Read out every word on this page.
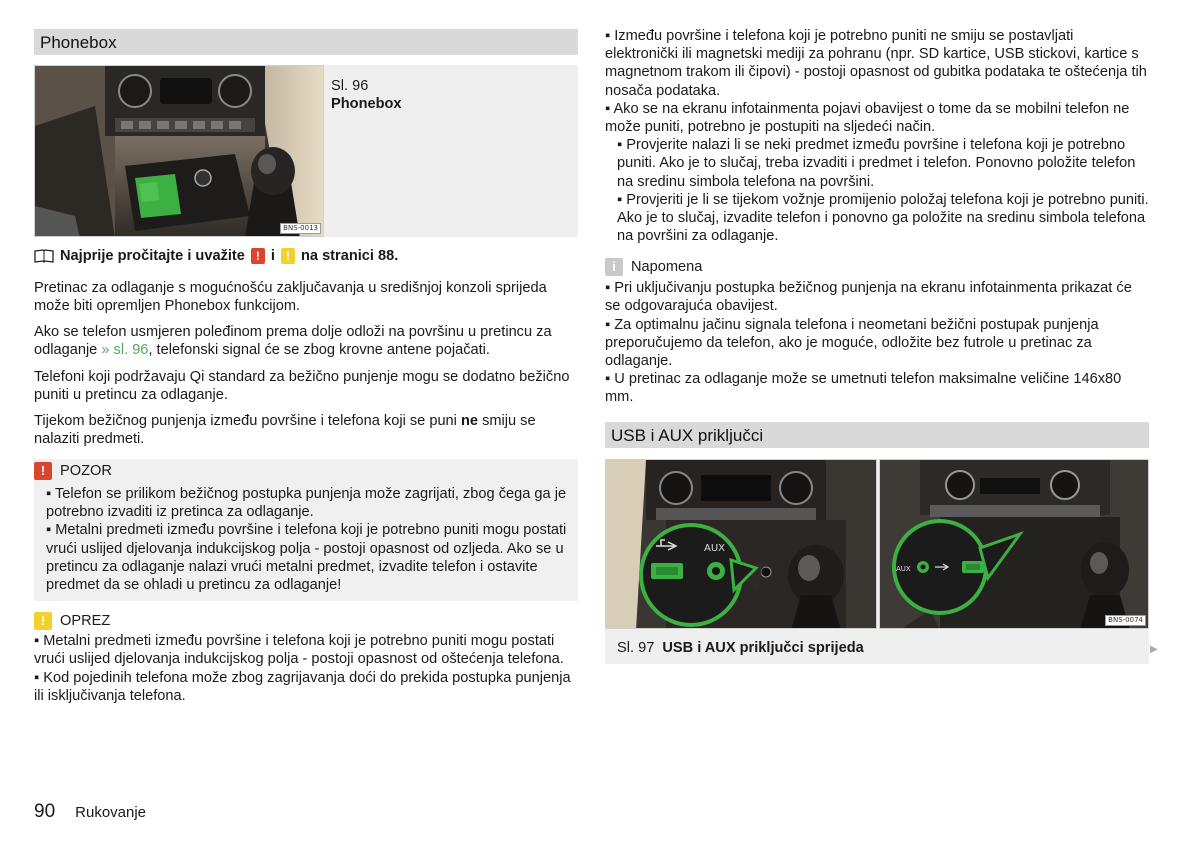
Phonebox
BNS-0013
Sl. 96
Phonebox
Najprije pročitajte i uvažite ! i ! na stranici 88.

Pretinac za odlaganje s mogućnošću zaključavanja u središnjoj konzoli sprijeda može biti opremljen Phonebox funkcijom.

Ako se telefon usmjeren poleđinom prema dolje odloži na površinu u pretincu za odlaganje » sl. 96, telefonski signal će se zbog krovne antene pojačati.

Telefoni koji podržavaju Qi standard za bežično punjenje mogu se dodatno bežično puniti u pretincu za odlaganje.

Tijekom bežičnog punjenja između površine i telefona koji se puni ne smiju se nalaziti predmeti.

!	POZOR
▪ Telefon se prilikom bežičnog postupka punjenja može zagrijati, zbog čega ga je potrebno izvaditi iz pretinca za odlaganje.
▪ Metalni predmeti između površine i telefona koji je potrebno puniti mogu postati vrući uslijed djelovanja indukcijskog polja - postoji opasnost od ozljeda. Ako se u pretincu za odlaganje nalazi vrući metalni predmet, izvadite telefon i ostavite predmet da se ohladi u pretincu za odlaganje!
!	OPREZ
▪ Metalni predmeti između površine i telefona koji je potrebno puniti mogu postati vrući uslijed djelovanja indukcijskog polja - postoji opasnost od oštećenja telefona.
▪ Kod pojedinih telefona može zbog zagrijavanja doći do prekida postupka punjenja ili isključivanja telefona.
▪ Između površine i telefona koji je potrebno puniti ne smiju se postavljati elektronički ili magnetski mediji za pohranu (npr. SD kartice, USB stickovi, kartice s magnetnom trakom ili čipovi) - postoji opasnost od gubitka podataka te oštećenja tih nosača podataka.
▪ Ako se na ekranu infotainmenta pojavi obavijest o tome da se mobilni telefon ne može puniti, potrebno je postupiti na sljedeći način.
▪ Provjerite nalazi li se neki predmet između površine i telefona koji je potrebno puniti. Ako je to slučaj, treba izvaditi i predmet i telefon. Ponovno položite telefon na sredinu simbola telefona na površini.
▪ Provjeriti je li se tijekom vožnje promijenio položaj telefona koji je potrebno puniti. Ako je to slučaj, izvadite telefon i ponovno ga položite na sredinu simbola telefona na površini za odlaganje.
i	Napomena
▪ Pri uključivanju postupka bežičnog punjenja na ekranu infotainmenta prikazat će se odgovarajuća obavijest.
▪ Za optimalnu jačinu signala telefona i neometani bežični postupak punjenja preporučujemo da telefon, ako je moguće, odložite bez futrole u pretinac za odlaganje.
▪ U pretinac za odlaganje može se umetnuti telefon maksimalne veličine 146x80 mm.
USB i AUX priključci
AUX
AUX
BNS-0074
Sl. 97 USB i AUX priključci sprijeda	▶
90 Rukovanje
